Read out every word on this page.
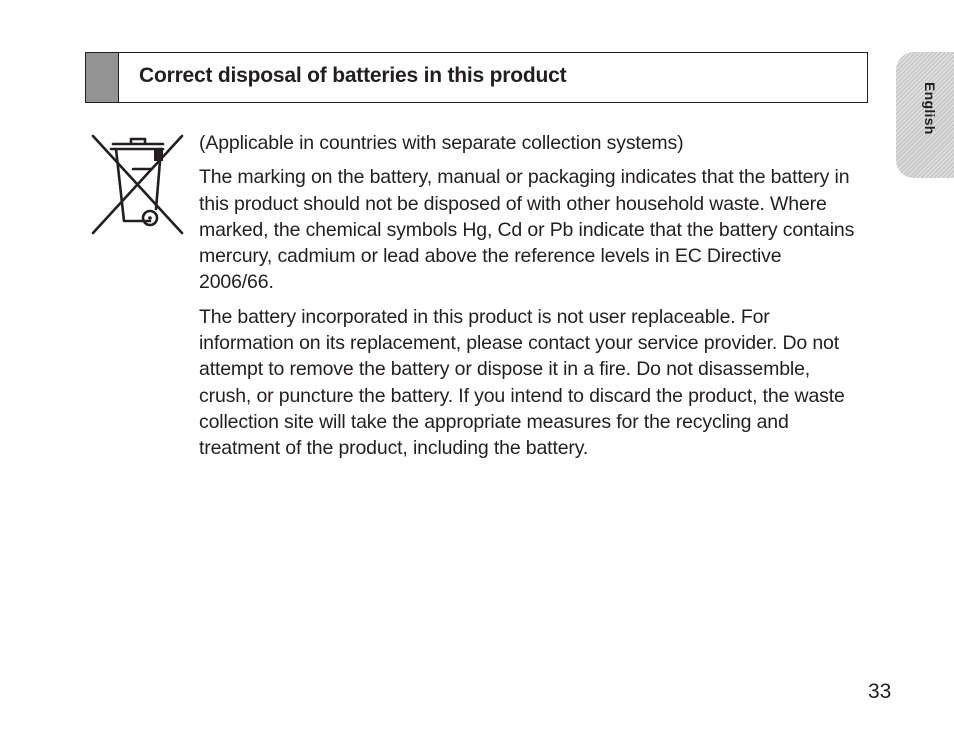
Correct disposal of batteries in this product
English

(Applicable in countries with separate collection systems)

The marking on the battery, manual or packaging indicates that the battery in this product should not be disposed of with other household waste. Where marked, the chemical symbols Hg, Cd or Pb indicate that the battery contains mercury, cadmium or lead above the reference levels in EC Directive 2006/66.

The battery incorporated in this product is not user replaceable. For information on its replacement, please contact your service provider. Do not attempt to remove the battery or dispose it in a fire. Do not disassemble, crush, or puncture the battery. If you intend to discard the product, the waste collection site will take the appropriate measures for the recycling and treatment of the product, including the battery.

33
